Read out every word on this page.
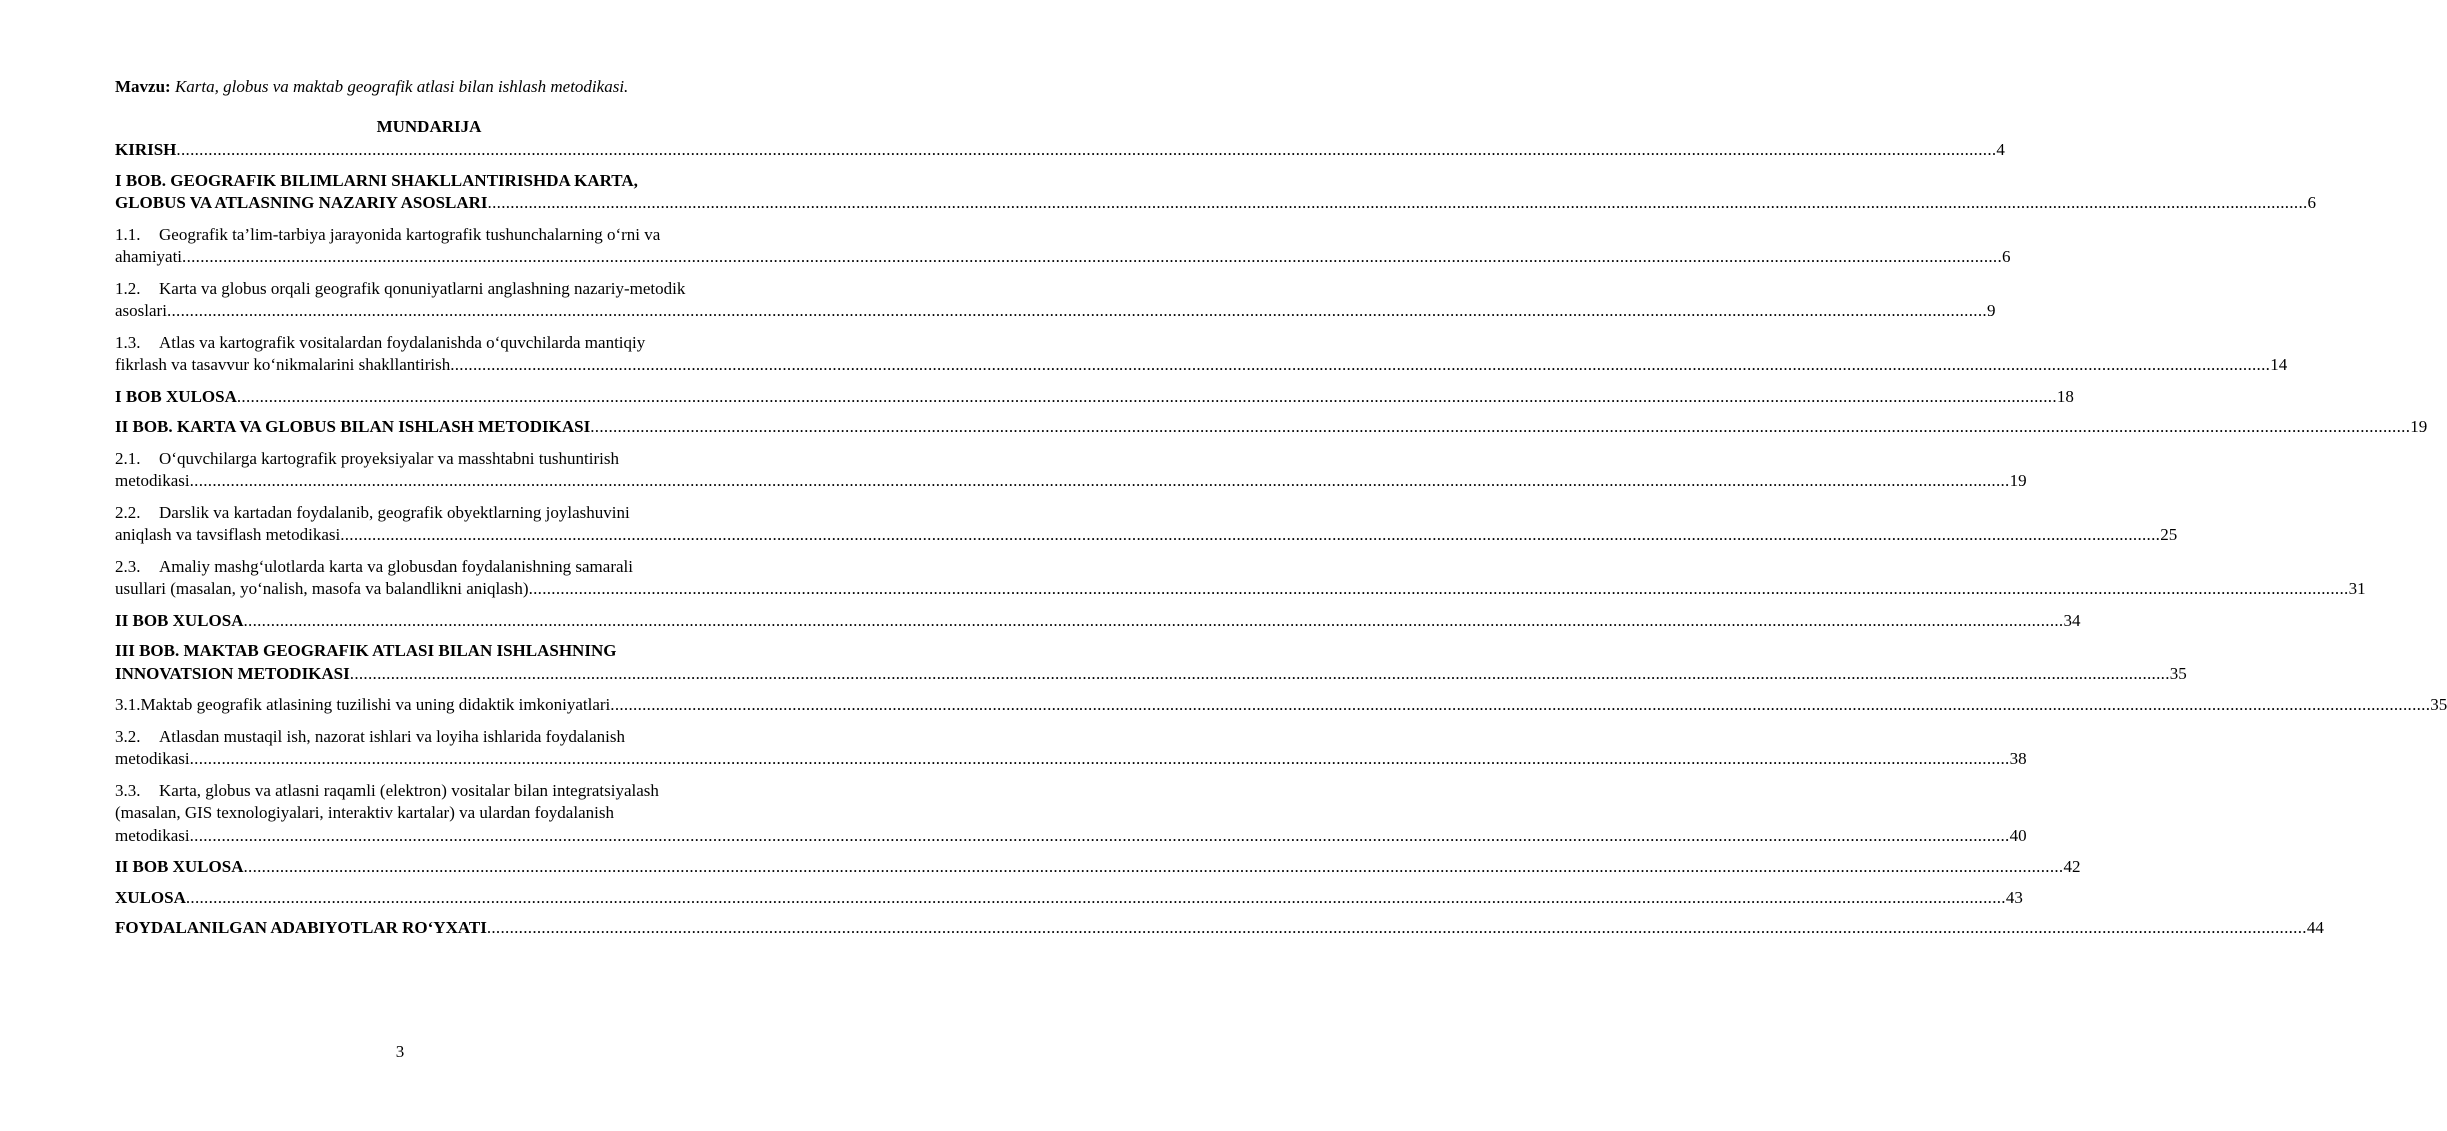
Mavzu: Karta, globus va maktab geografik atlasi bilan ishlash metodikasi.
MUNDARIJA
KIRISH ................................................................................................................................................................................................................................................................................................................................................................................................................ 4
I BOB. GEOGRAFIK BILIMLARNI SHAKLLANTIRISHDA KARTA,
GLOBUS VA ATLASNING NAZARIY ASOSLARI ................................................................................................................................................................................................................................................................................................................................................................................................................ 6
1.1. Geografik ta’lim-tarbiya jarayonida kartografik tushunchalarning o‘rni va
ahamiyati ................................................................................................................................................................................................................................................................................................................................................................................................................ 6
1.2. Karta va globus orqali geografik qonuniyatlarni anglashning nazariy-metodik
asoslari ................................................................................................................................................................................................................................................................................................................................................................................................................ 9
1.3. Atlas va kartografik vositalardan foydalanishda o‘quvchilarda mantiqiy
fikrlash va tasavvur ko‘nikmalarini shakllantirish ................................................................................................................................................................................................................................................................................................................................................................................................................ 14
I BOB XULOSA ................................................................................................................................................................................................................................................................................................................................................................................................................ 18
II BOB. KARTA VA GLOBUS BILAN ISHLASH METODIKASI ................................................................................................................................................................................................................................................................................................................................................................................................................ 19
2.1. O‘quvchilarga kartografik proyeksiyalar va masshtabni tushuntirish
metodikasi ................................................................................................................................................................................................................................................................................................................................................................................................................ 19
2.2. Darslik va kartadan foydalanib, geografik obyektlarning joylashuvini
aniqlash va tavsiflash metodikasi ................................................................................................................................................................................................................................................................................................................................................................................................................ 25
2.3. Amaliy mashg‘ulotlarda karta va globusdan foydalanishning samarali
usullari (masalan, yo‘nalish, masofa va balandlikni aniqlash) ................................................................................................................................................................................................................................................................................................................................................................................................................ 31
II BOB XULOSA ................................................................................................................................................................................................................................................................................................................................................................................................................ 34
III BOB. MAKTAB GEOGRAFIK ATLASI BILAN ISHLASHNING
INNOVATSION METODIKASI ................................................................................................................................................................................................................................................................................................................................................................................................................ 35
3.1. Maktab geografik atlasining tuzilishi va uning didaktik imkoniyatlari ................................................................................................................................................................................................................................................................................................................................................................................................................ 35
3.2. Atlasdan mustaqil ish, nazorat ishlari va loyiha ishlarida foydalanish
metodikasi ................................................................................................................................................................................................................................................................................................................................................................................................................ 38
3.3. Karta, globus va atlasni raqamli (elektron) vositalar bilan integratsiyalash
(masalan, GIS texnologiyalari, interaktiv kartalar) va ulardan foydalanish
metodikasi ................................................................................................................................................................................................................................................................................................................................................................................................................ 40
II BOB XULOSA ................................................................................................................................................................................................................................................................................................................................................................................................................ 42
XULOSA ................................................................................................................................................................................................................................................................................................................................................................................................................ 43
FOYDALANILGAN ADABIYOTLAR RO‘YXATI ................................................................................................................................................................................................................................................................................................................................................................................................................ 44
3
